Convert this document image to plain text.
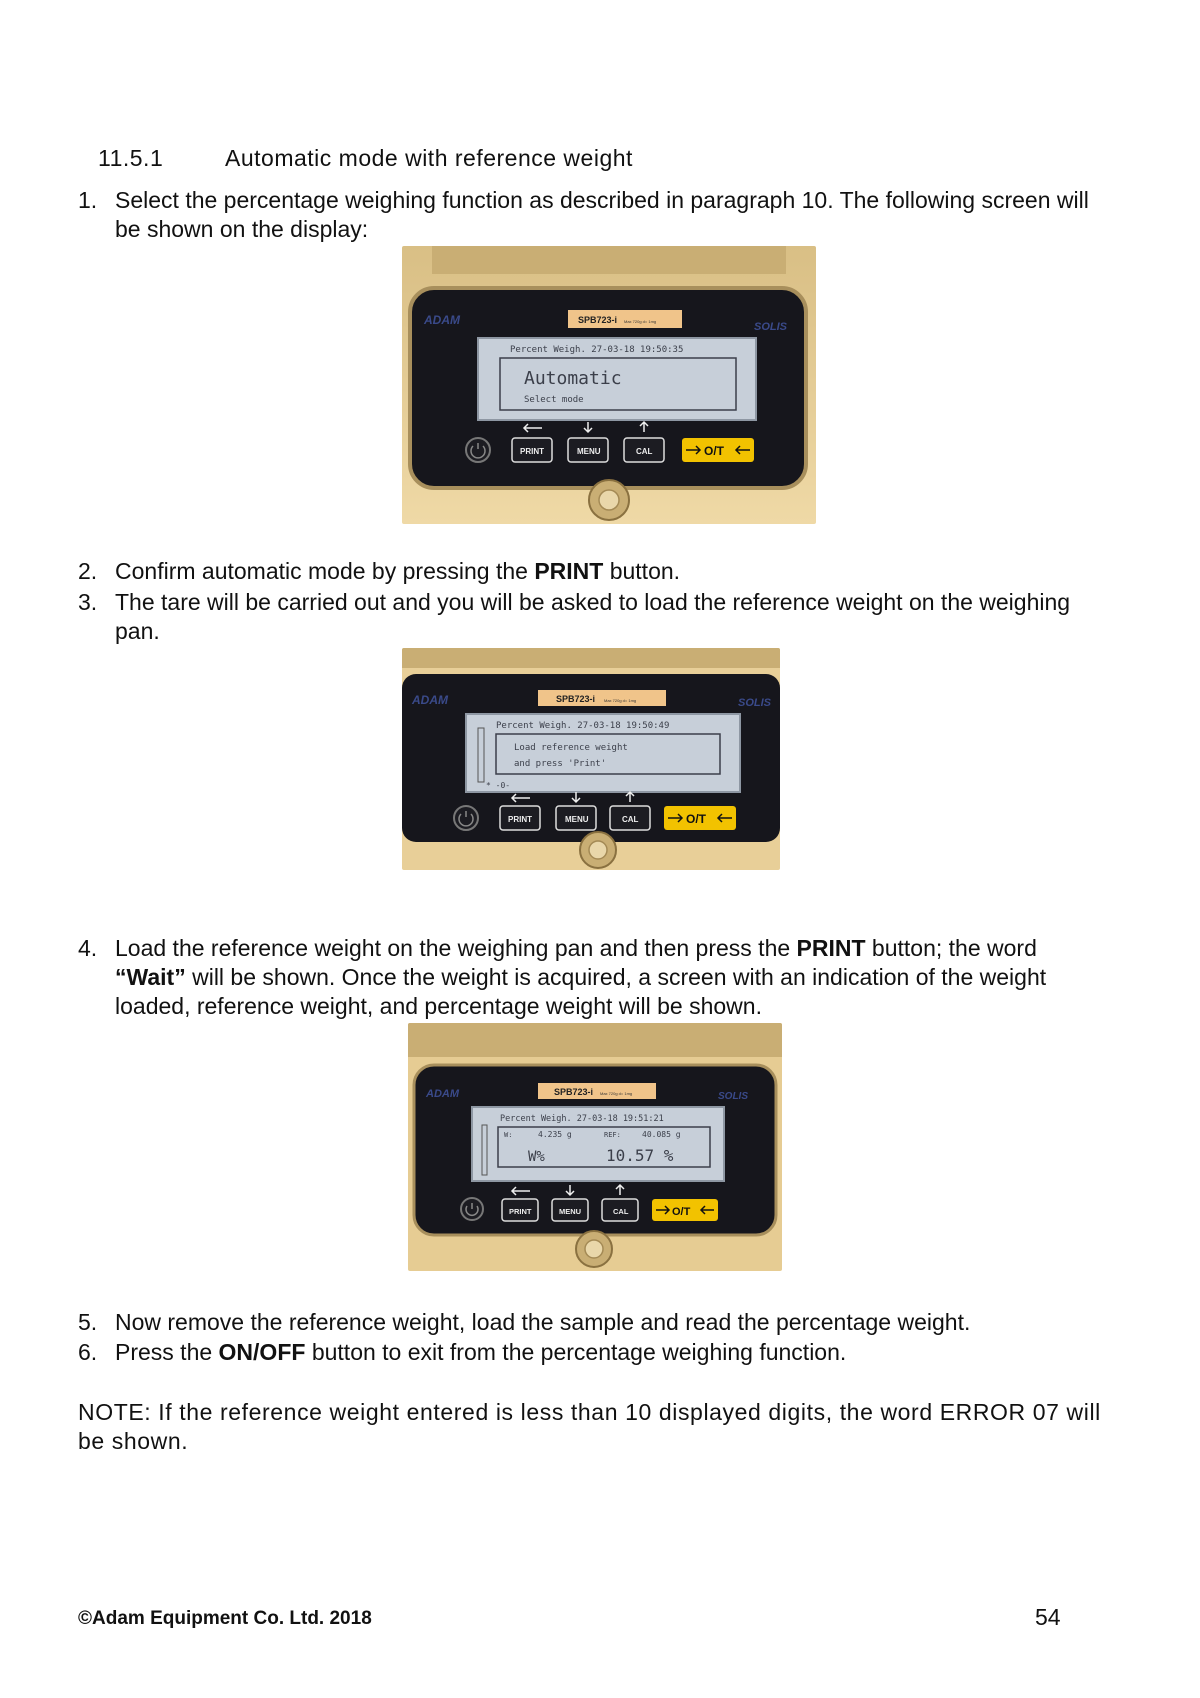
11.5.1	Automatic mode with reference weight
1. Select the percentage weighing function as described in paragraph 10. The following screen will be shown on the display:
ADAM	SOLIS
SPB723-i Max 720g d= 1mg
Percent Weigh. 27-03-18 19:50:35
Automatic
Select mode
PRINT	MENU	CAL	O/T
2. Confirm automatic mode by pressing the PRINT button.
3. The tare will be carried out and you will be asked to load the reference weight on the weighing pan.
ADAM	SOLIS
SPB723-i Max 720g d= 1mg
Percent Weigh. 27-03-18 19:50:49
Load reference weight
and press 'Print'
* -0-
PRINT	MENU	CAL	O/T
4. Load the reference weight on the weighing pan and then press the PRINT button; the word “Wait” will be shown. Once the weight is acquired, a screen with an indication of the weight loaded, reference weight, and percentage weight will be shown.
ADAM	SOLIS
SPB723-i Max 720g d= 1mg
Percent Weigh. 27-03-18 19:51:21
W:	4.235 g	REF:	40.085 g
W%	10.57 %
PRINT	MENU	CAL	O/T
5. Now remove the reference weight, load the sample and read the percentage weight.
6. Press the ON/OFF button to exit from the percentage weighing function.
NOTE: If the reference weight entered is less than 10 displayed digits, the word ERROR 07 will be shown.
©Adam Equipment Co. Ltd. 2018	54
